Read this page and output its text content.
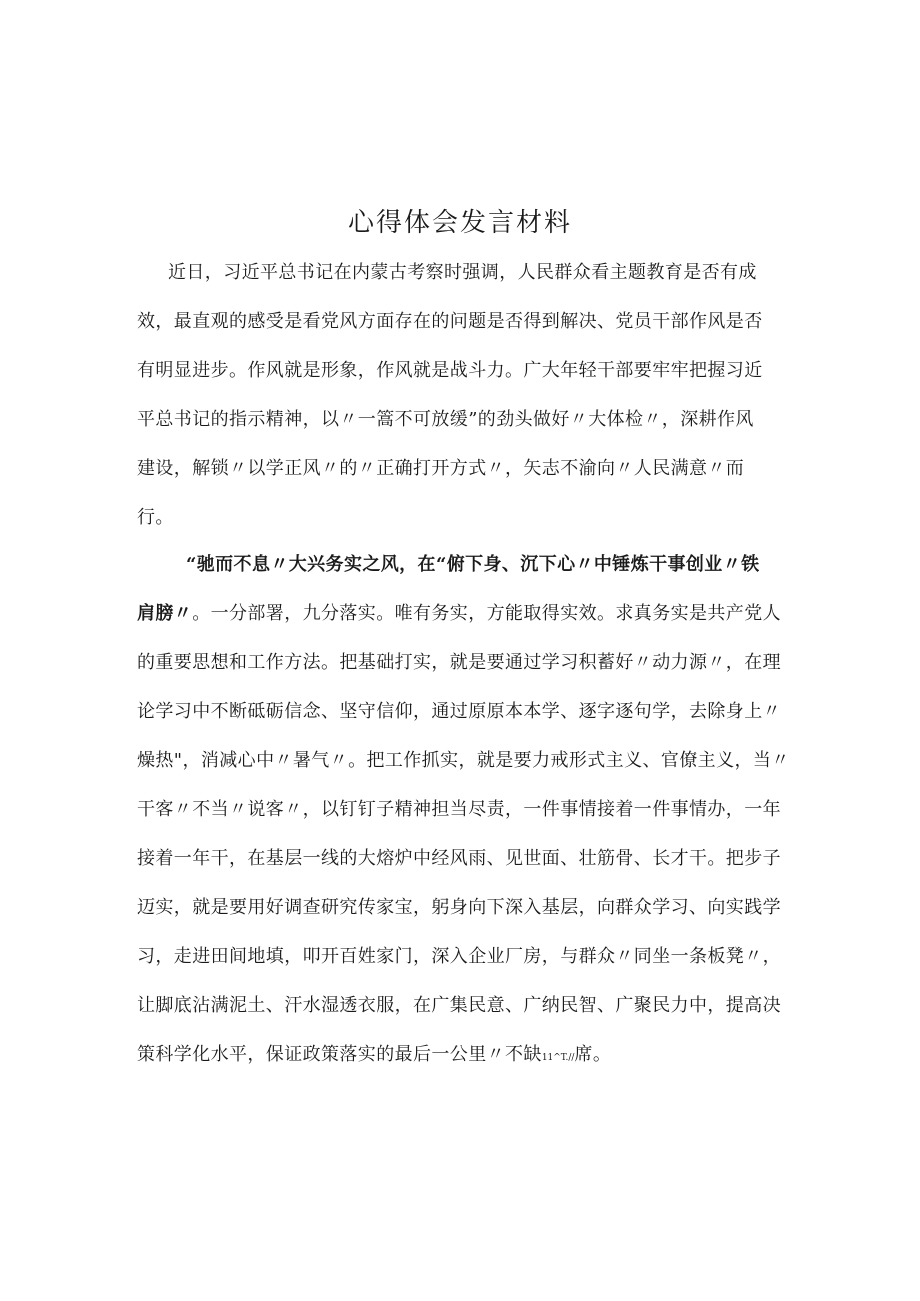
心得体会发言材料

近日，习近平总书记在内蒙古考察时强调，人民群众看主题教育是否有成

效，最直观的感受是看党风方面存在的问题是否得到解决、党员干部作风是否

有明显进步。作风就是形象，作风就是战斗力。广大年轻干部要牢牢把握习近

平总书记的指示精神，以〃一篙不可放缓”的劲头做好〃大体检〃，深耕作风

建设，解锁〃以学正风〃的〃正确打开方式〃，矢志不渝向〃人民满意〃而

行。

“驰而不息〃大兴务实之风，在“俯下身、沉下心〃中锤炼干事创业〃铁

肩膀〃。一分部署，九分落实。唯有务实，方能取得实效。求真务实是共产党人

的重要思想和工作方法。把基础打实，就是要通过学习积蓄好〃动力源〃，在理

论学习中不断砥砺信念、坚守信仰，通过原原本本学、逐字逐句学，去除身上〃

燥热"，消减心中〃暑气〃。把工作抓实，就是要力戒形式主义、官僚主义，当〃

干客〃不当〃说客〃，以钉钉子精神担当尽责，一件事情接着一件事情办，一年

接着一年干，在基层一线的大熔炉中经风雨、见世面、壮筋骨、长才干。把步子

迈实，就是要用好调查研究传家宝，躬身向下深入基层，向群众学习、向实践学

习，走进田间地填，叩开百姓家门，深入企业厂房，与群众〃同坐一条板凳〃，

让脚底沾满泥土、汗水湿透衣服，在广集民意、广纳民智、广聚民力中，提高决

策科学化水平，保证政策落实的最后一公里〃不缺11^T.//席。
